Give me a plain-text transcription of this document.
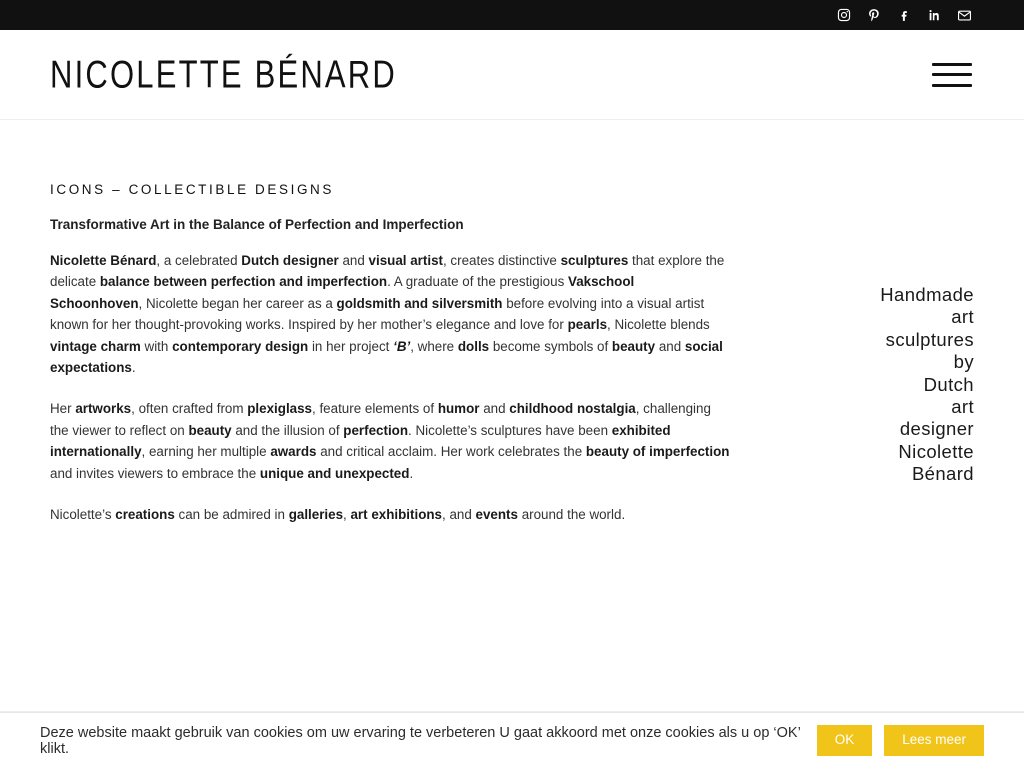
NICOLETTE BÉNARD
ICONS – COLLECTIBLE DESIGNS

Transformative Art in the Balance of Perfection and Imperfection

Nicolette Bénard, a celebrated Dutch designer and visual artist, creates distinctive sculptures that explore the delicate balance between perfection and imperfection. A graduate of the prestigious Vakschool Schoonhoven, Nicolette began her career as a goldsmith and silversmith before evolving into a visual artist known for her thought-provoking works. Inspired by her mother’s elegance and love for pearls, Nicolette blends vintage charm with contemporary design in her project ‘B’, where dolls become symbols of beauty and social expectations.

Her artworks, often crafted from plexiglass, feature elements of humor and childhood nostalgia, challenging the viewer to reflect on beauty and the illusion of perfection. Nicolette’s sculptures have been exhibited internationally, earning her multiple awards and critical acclaim. Her work celebrates the beauty of imperfection and invites viewers to embrace the unique and unexpected.

Nicolette’s creations can be admired in galleries, art exhibitions, and events around the world.

Handmade
art
sculptures
by
Dutch
art
designer
Nicolette
Bénard
Deze website maakt gebruik van cookies om uw ervaring te verbeteren U gaat akkoord met onze cookies als u op ‘OK’ klikt.
OK	Lees meer
